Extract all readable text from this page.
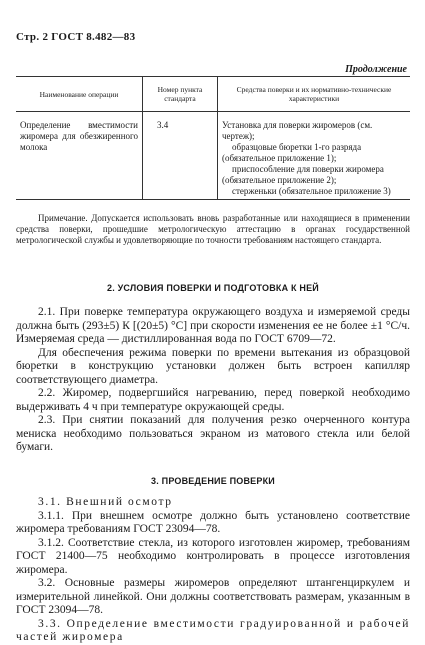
Стр. 2 ГОСТ 8.482—83
Продолжение
Наименование операции	Номер пункта стандарта	Средства поверки и их нормативно-технические характеристики
Определение вместимости жиромера для обезжиренного молока	3.4	Установка для поверки жиромеров (см. чертеж);
образцовые бюретки 1-го разряда (обязательное приложение 1);
приспособление для поверки жиромера (обязательное приложение 2);
стерженьки (обязательное приложение 3)
Примечание. Допускается использовать вновь разработанные или находящиеся в применении средства поверки, прошедшие метрологическую аттестацию в органах государственной метрологической службы и удовлетворяющие по точности требованиям настоящего стандарта.
2. УСЛОВИЯ ПОВЕРКИ И ПОДГОТОВКА К НЕЙ

2.1. При поверке температура окружающего воздуха и измеряемой среды должна быть (293±5) К [(20±5) °С] при скорости изменения ее не более ±1 °С/ч. Измеряемая среда — дистиллированная вода по ГОСТ 6709—72.

Для обеспечения режима поверки по времени вытекания из образцовой бюретки в конструкцию установки должен быть встроен капилляр соответствующего диаметра.

2.2. Жиромер, подвергшийся нагреванию, перед поверкой необходимо выдерживать 4 ч при температуре окружающей среды.

2.3. При снятии показаний для получения резко очерченного контура мениска необходимо пользоваться экраном из матового стекла или белой бумаги.

3. ПРОВЕДЕНИЕ ПОВЕРКИ

3.1. Внешний осмотр

3.1.1. При внешнем осмотре должно быть установлено соответствие жиромера требованиям ГОСТ 23094—78.

3.1.2. Соответствие стекла, из которого изготовлен жиромер, требованиям ГОСТ 21400—75 необходимо контролировать в процессе изготовления жиромера.

3.2. Основные размеры жиромеров определяют штангенциркулем и измерительной линейкой. Они должны соответствовать размерам, указанным в ГОСТ 23094—78.

3.3. Определение вместимости градуированной и рабочей частей жиромера
